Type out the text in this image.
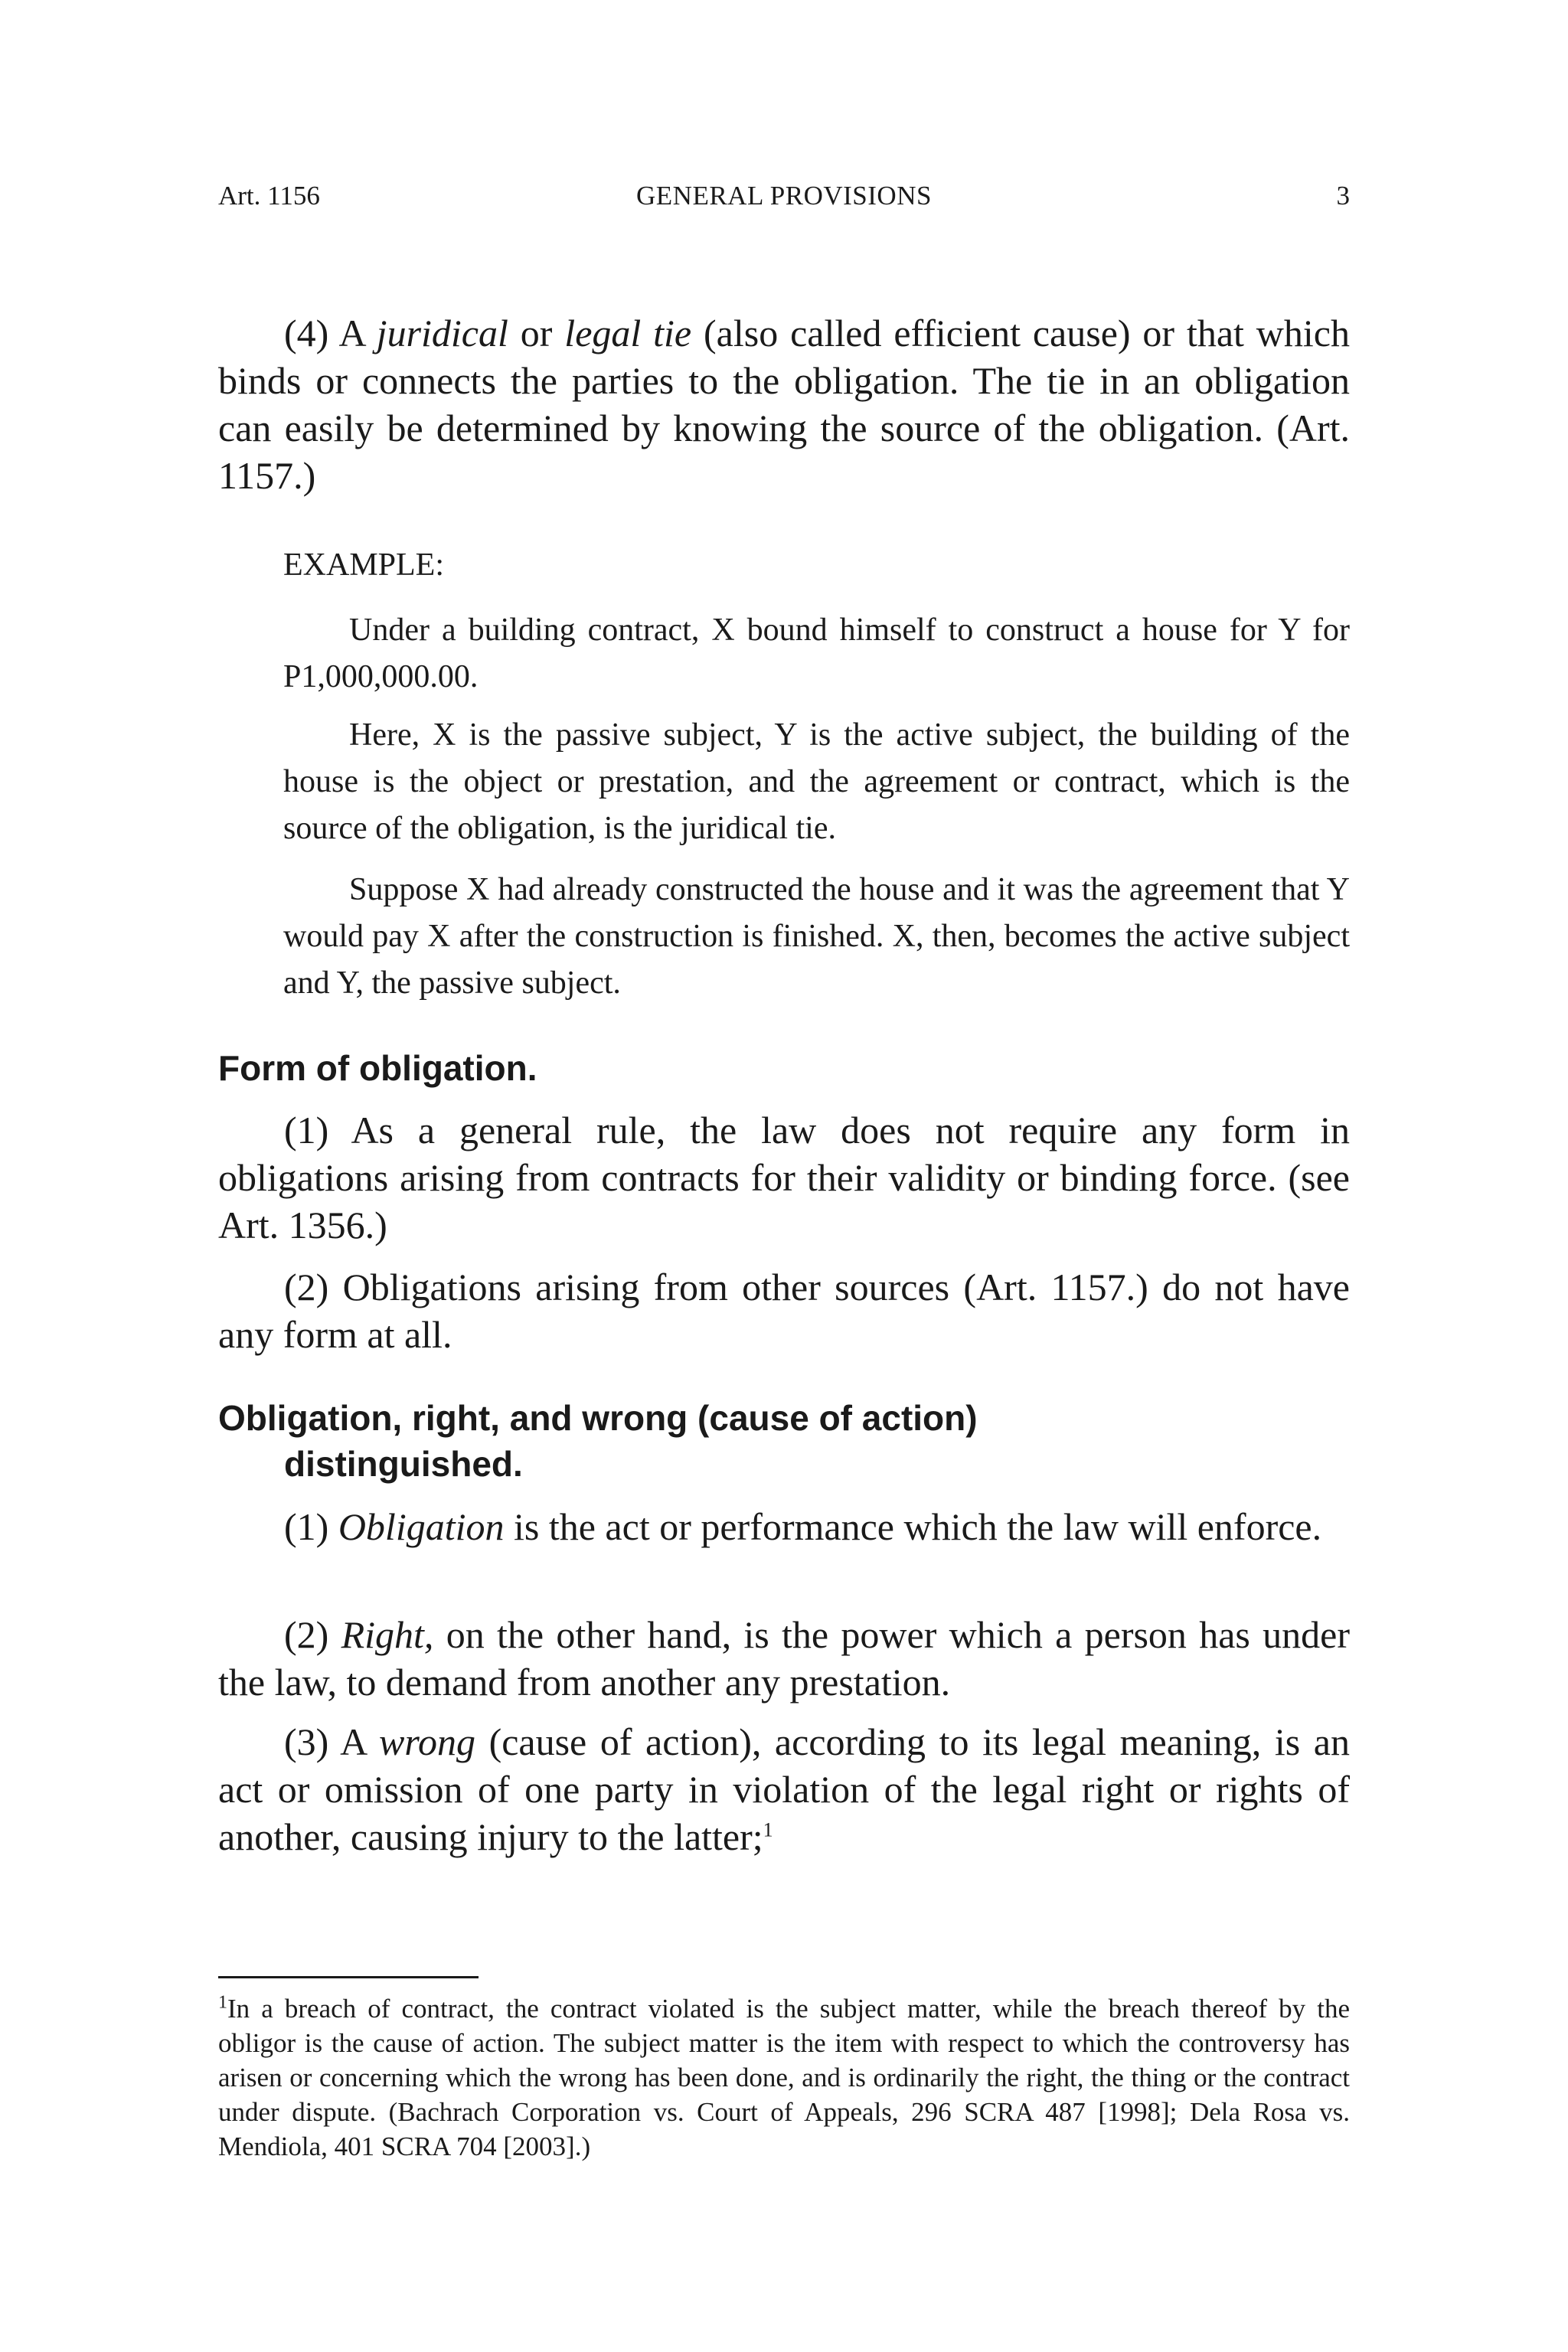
GENERAL PROVISIONS
Art. 1156	3

(4) A juridical or legal tie (also called efficient cause) or that which binds or connects the parties to the obligation. The tie in an obligation can easily be determined by knowing the source of the obligation. (Art. 1157.)

EXAMPLE:

Under a building contract, X bound himself to construct a house for Y for P1,000,000.00.

Here, X is the passive subject, Y is the active subject, the building of the house is the object or prestation, and the agreement or contract, which is the source of the obligation, is the juridical tie.

Suppose X had already constructed the house and it was the agreement that Y would pay X after the construction is finished. X, then, becomes the active subject and Y, the passive subject.

Form of obligation.

(1) As a general rule, the law does not require any form in obligations arising from contracts for their validity or binding force. (see Art. 1356.)

(2) Obligations arising from other sources (Art. 1157.) do not have any form at all.

Obligation, right, and wrong (cause of action)
distinguished.

(1) Obligation is the act or performance which the law will enforce.

(2) Right, on the other hand, is the power which a person has under the law, to demand from another any prestation.

(3) A wrong (cause of action), according to its legal meaning, is an act or omission of one party in violation of the legal right or rights of another, causing injury to the latter;$^1$

$^1$In a breach of contract, the contract violated is the subject matter, while the breach thereof by the obligor is the cause of action. The subject matter is the item with respect to which the controversy has arisen or concerning which the wrong has been done, and is ordinarily the right, the thing or the contract under dispute. (Bachrach Corporation vs. Court of Appeals, 296 SCRA 487 [1998]; Dela Rosa vs. Mendiola, 401 SCRA 704 [2003].)
